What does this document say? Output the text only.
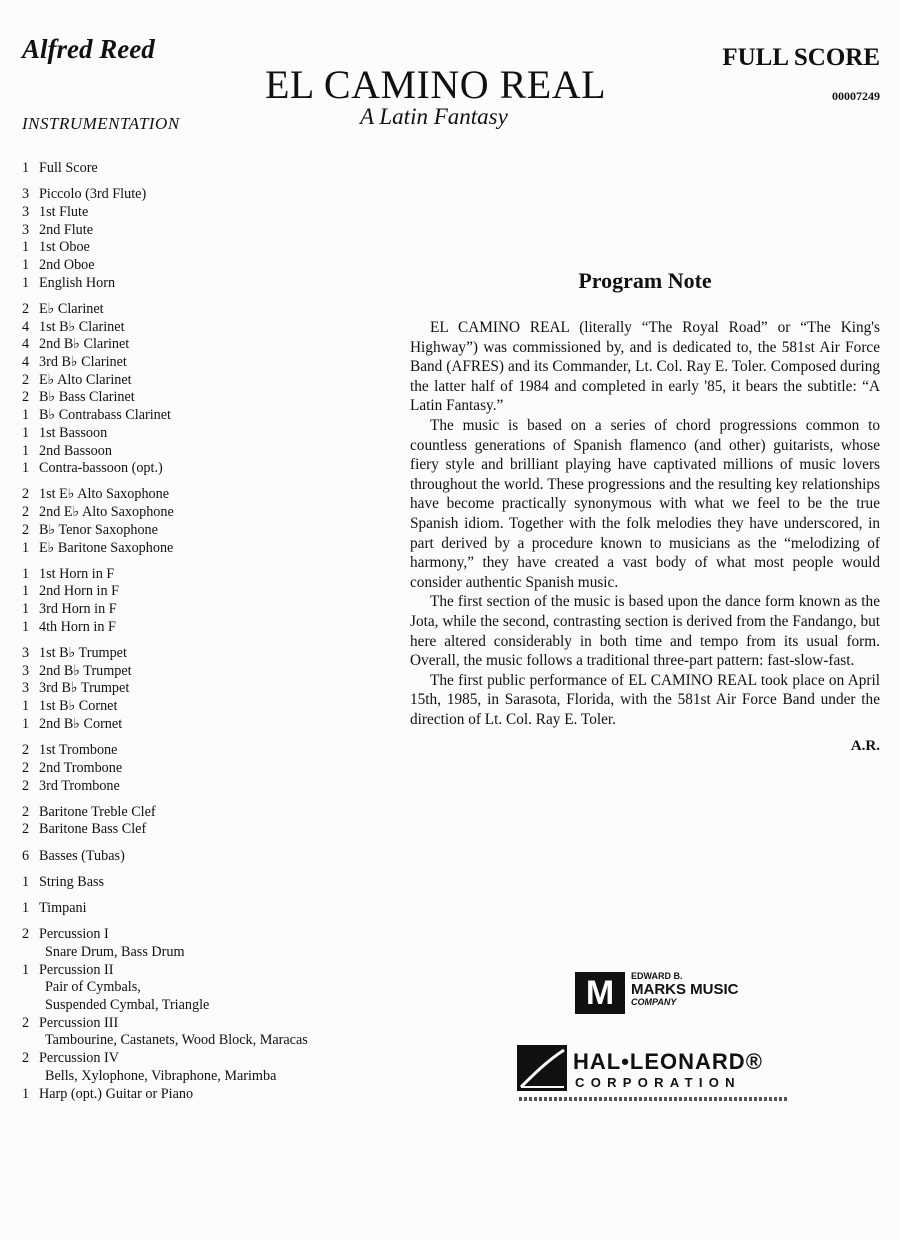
Alfred Reed
EL CAMINO REAL
A Latin Fantasy
FULL SCORE
00007249
INSTRUMENTATION
1 Full Score
3 Piccolo (3rd Flute)
3 1st Flute
3 2nd Flute
1 1st Oboe
1 2nd Oboe
1 English Horn
2 E♭ Clarinet
4 1st B♭ Clarinet
4 2nd B♭ Clarinet
4 3rd B♭ Clarinet
2 E♭ Alto Clarinet
2 B♭ Bass Clarinet
1 B♭ Contrabass Clarinet
1 1st Bassoon
1 2nd Bassoon
1 Contra-bassoon (opt.)
2 1st E♭ Alto Saxophone
2 2nd E♭ Alto Saxophone
2 B♭ Tenor Saxophone
1 E♭ Baritone Saxophone
1 1st Horn in F
1 2nd Horn in F
1 3rd Horn in F
1 4th Horn in F
3 1st B♭ Trumpet
3 2nd B♭ Trumpet
3 3rd B♭ Trumpet
1 1st B♭ Cornet
1 2nd B♭ Cornet
2 1st Trombone
2 2nd Trombone
2 3rd Trombone
2 Baritone Treble Clef
2 Baritone Bass Clef
6 Basses (Tubas)
1 String Bass
1 Timpani
2 Percussion I
Snare Drum, Bass Drum
1 Percussion II
Pair of Cymbals,
Suspended Cymbal, Triangle
2 Percussion III
Tambourine, Castanets, Wood Block, Maracas
2 Percussion IV
Bells, Xylophone, Vibraphone, Marimba
1 Harp (opt.) Guitar or Piano
Program Note

EL CAMINO REAL (literally “The Royal Road” or “The King's Highway”) was commissioned by, and is dedicated to, the 581st Air Force Band (AFRES) and its Commander, Lt. Col. Ray E. Toler. Composed during the latter half of 1984 and completed in early '85, it bears the subtitle: “A Latin Fantasy.”

The music is based on a series of chord progressions common to countless generations of Spanish flamenco (and other) guitarists, whose fiery style and brilliant playing have captivated millions of music lovers throughout the world. These progressions and the resulting key relationships have become practically synonymous with what we feel to be the true Spanish idiom. Together with the folk melodies they have underscored, in part derived by a procedure known to musicians as the “melodizing of harmony,” they have created a vast body of what most people would consider authentic Spanish music.

The first section of the music is based upon the dance form known as the Jota, while the second, contrasting section is derived from the Fandango, but here altered considerably in both time and tempo from its usual form. Overall, the music follows a traditional three-part pattern: fast-slow-fast.

The first public performance of EL CAMINO REAL took place on April 15th, 1985, in Sarasota, Florida, with the 581st Air Force Band under the direction of Lt. Col. Ray E. Toler.

A.R.
M	EDWARD B.
MARKS MUSIC
COMPANY
HAL•LEONARD®
CORPORATION
